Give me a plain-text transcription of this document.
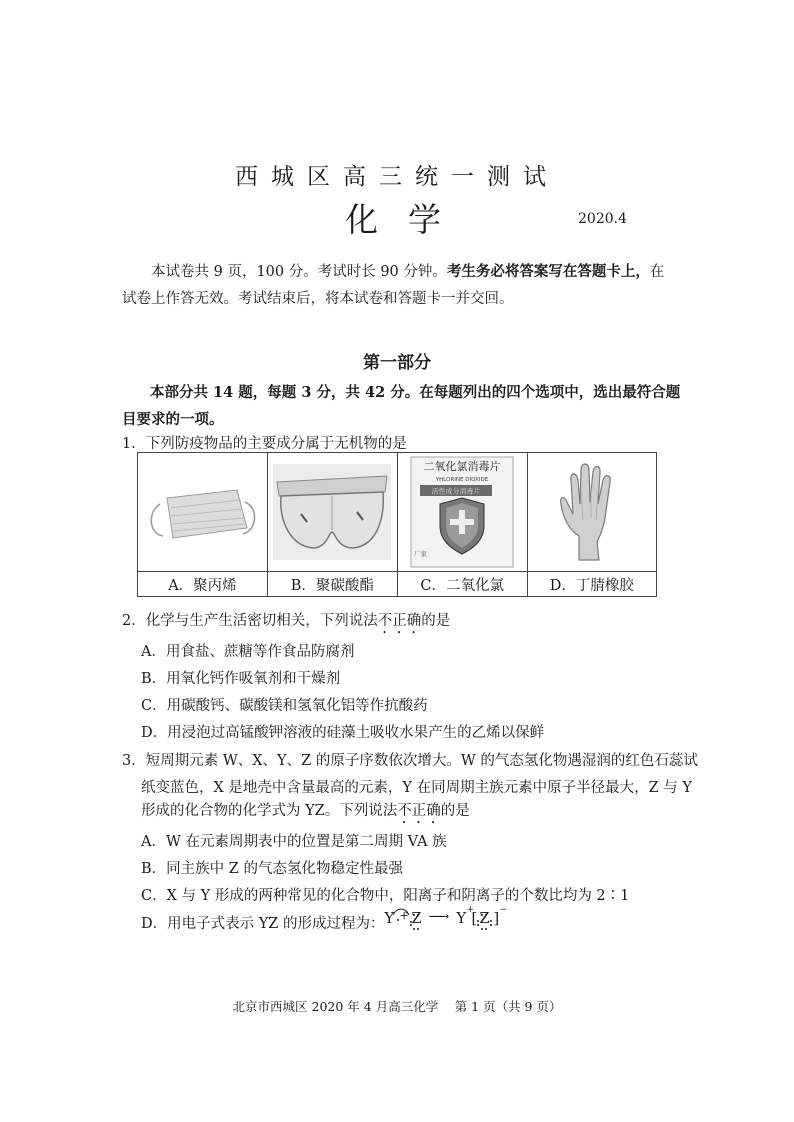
西城区高三统一测试
化学	2020.4
本试卷共 9 页，100 分。考试时长 90 分钟。考生务必将答案写在答题卡上，在试卷上作答无效。考试结束后，将本试卷和答题卡一并交回。
第一部分
本部分共 14 题，每题 3 分，共 42 分。在每题列出的四个选项中，选出最符合题目要求的一项。
1．下列防疫物品的主要成分属于无机物的是

二氧化氯消毒片
YHLORINE DIOXIDE
活性成分消毒片
厂家

A．聚丙烯	B．聚碳酸酯	C．二氧化氯	D．丁腈橡胶
2．化学与生产生活密切相关，下列说法不正确的是
A．用食盐、蔗糖等作食品防腐剂
B．用氧化钙作吸氧剂和干燥剂
C．用碳酸钙、碳酸镁和氢氧化铝等作抗酸药
D．用浸泡过高锰酸钾溶液的硅藻土吸收水果产生的乙烯以保鲜
3．短周期元素 W、X、Y、Z 的原子序数依次增大。W 的气态氢化物遇湿润的红色石蕊试
纸变蓝色，X 是地壳中含量最高的元素，Y 在同周期主族元素中原子半径最大，Z 与 Y
形成的化合物的化学式为 YZ。下列说法不正确的是
A．W 在元素周期表中的位置是第二周期 VA 族
B．同主族中 Z 的气态氢化物稳定性最强
C．X 与 Y 形成的两种常见的化合物中，阳离子和阴离子的个数比均为 2∶1
D．用电子式表示 YZ 的形成过程为： Y + Z ⟶ Y
+
[ Z ]
−
北京市西城区 2020 年 4 月高三化学　 第 1 页（共 9 页）
